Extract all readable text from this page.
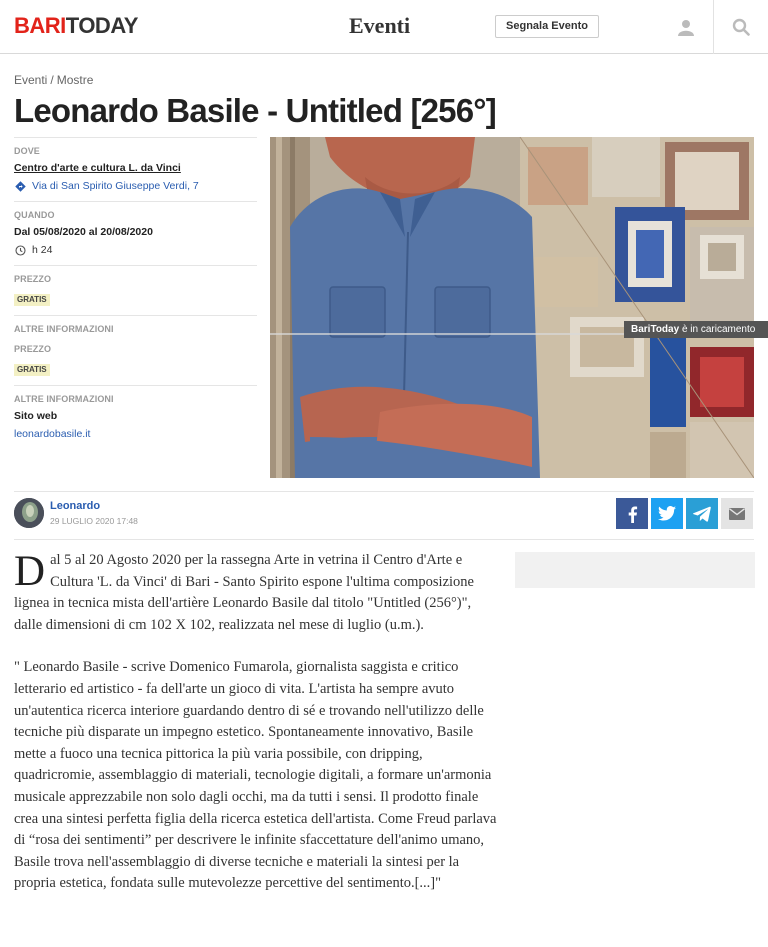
BARITODAY	Eventi	Segnala Evento
Eventi / Mostre
Leonardo Basile - Untitled [256°]
DOVE
Centro d'arte e cultura L. da Vinci
Via di San Spirito Giuseppe Verdi, 7
QUANDO
Dal 05/08/2020 al 20/08/2020
h 24
PREZZO
GRATIS
ALTRE INFORMAZIONI
PREZZO
GRATIS
ALTRE INFORMAZIONI
Sito web
leonardobasile.it
BariToday è in caricamento
Leonardo
29 LUGLIO 2020 17:48

Dal 5 al 20 Agosto 2020 per la rassegna Arte in vetrina il Centro d'Arte e Cultura 'L. da Vinci' di Bari - Santo Spirito espone l'ultima composizione lignea in tecnica mista dell'artière Leonardo Basile dal titolo "Untitled (256°)", dalle dimensioni di cm 102 X 102, realizzata nel mese di luglio (u.m.).

" Leonardo Basile - scrive Domenico Fumarola, giornalista saggista e critico letterario ed artistico - fa dell'arte un gioco di vita. L'artista ha sempre avuto un'autentica ricerca interiore guardando dentro di sé e trovando nell'utilizzo delle tecniche più disparate un impegno estetico. Spontaneamente innovativo, Basile mette a fuoco una tecnica pittorica la più varia possibile, con dripping, quadricromie, assemblaggio di materiali, tecnologie digitali, a formare un'armonia musicale apprezzabile non solo dagli occhi, ma da tutti i sensi. Il prodotto finale crea una sintesi perfetta figlia della ricerca estetica dell'artista. Come Freud parlava di “rosa dei sentimenti” per descrivere le infinite sfaccettature dell'animo umano, Basile trova nell'assemblaggio di diverse tecniche e materiali la sintesi per la propria estetica, fondata sulle mutevolezze percettive del sentimento.[...]"
